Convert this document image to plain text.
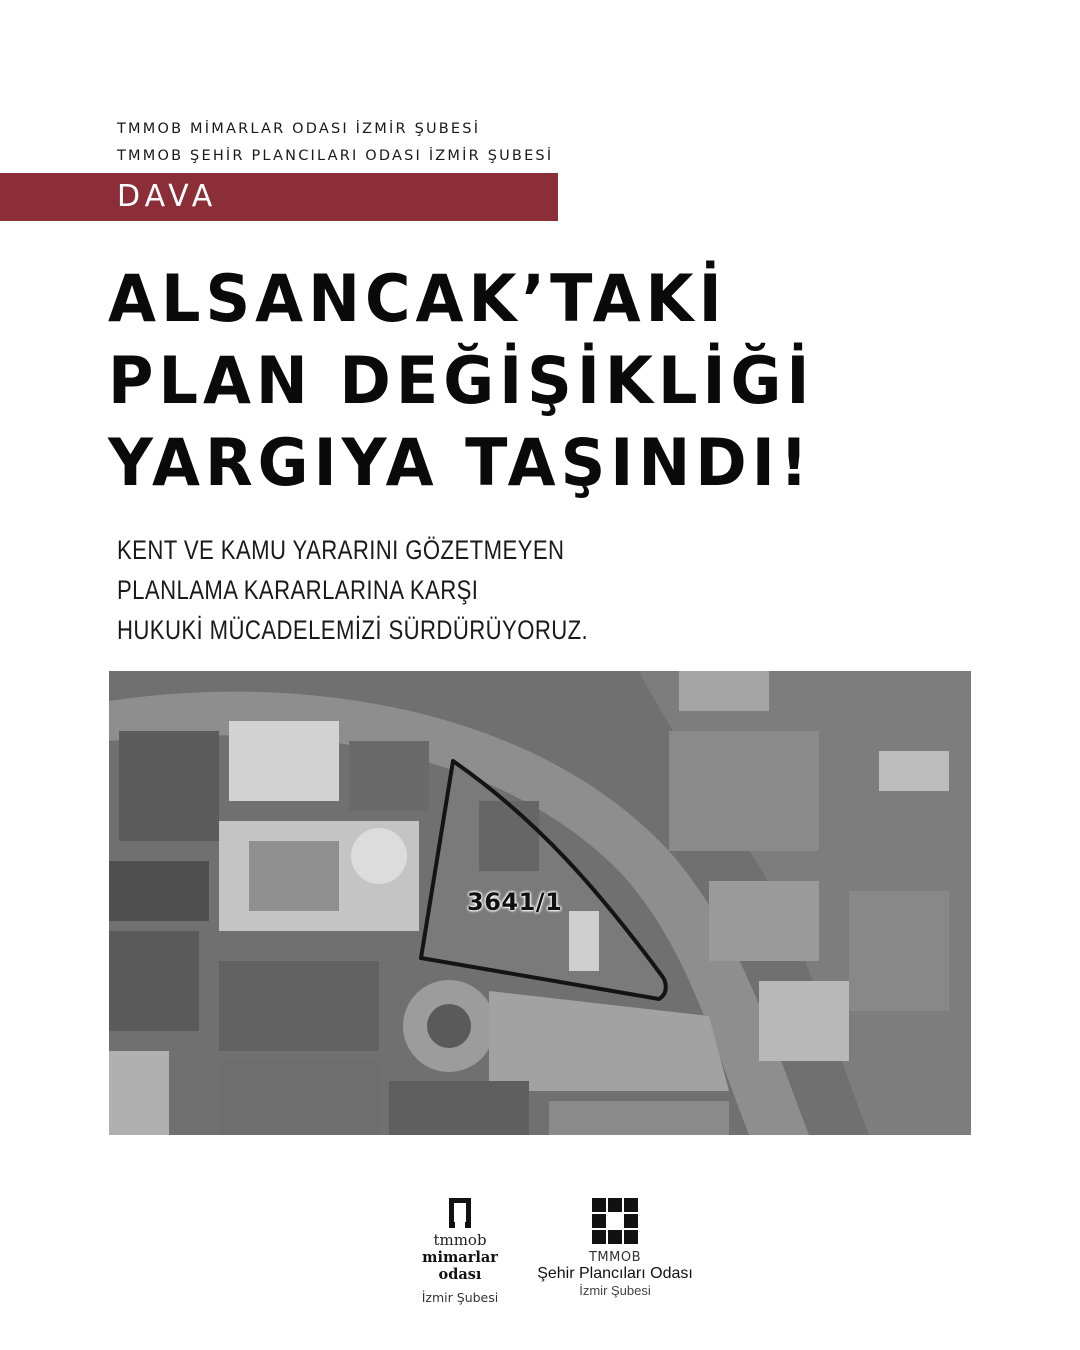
TMMOB MİMARLAR ODASI İZMİR ŞUBESİ
TMMOB ŞEHİR PLANCILARI ODASI İZMİR ŞUBESİ
DAVA
ALSANCAK’TAKİ
PLAN DEĞİŞİKLİĞİ
YARGIYA TAŞINDI!
KENT VE KAMU YARARINI GÖZETMEYEN
PLANLAMA KARARLARINA KARŞI
HUKUKİ MÜCADELEMİZİ SÜRDÜRÜYORUZ.
3641/1
tmmob
mimarlar
odası
İzmir Şubesi
TMMOB
Şehir Plancıları Odası
İzmir Şubesi
